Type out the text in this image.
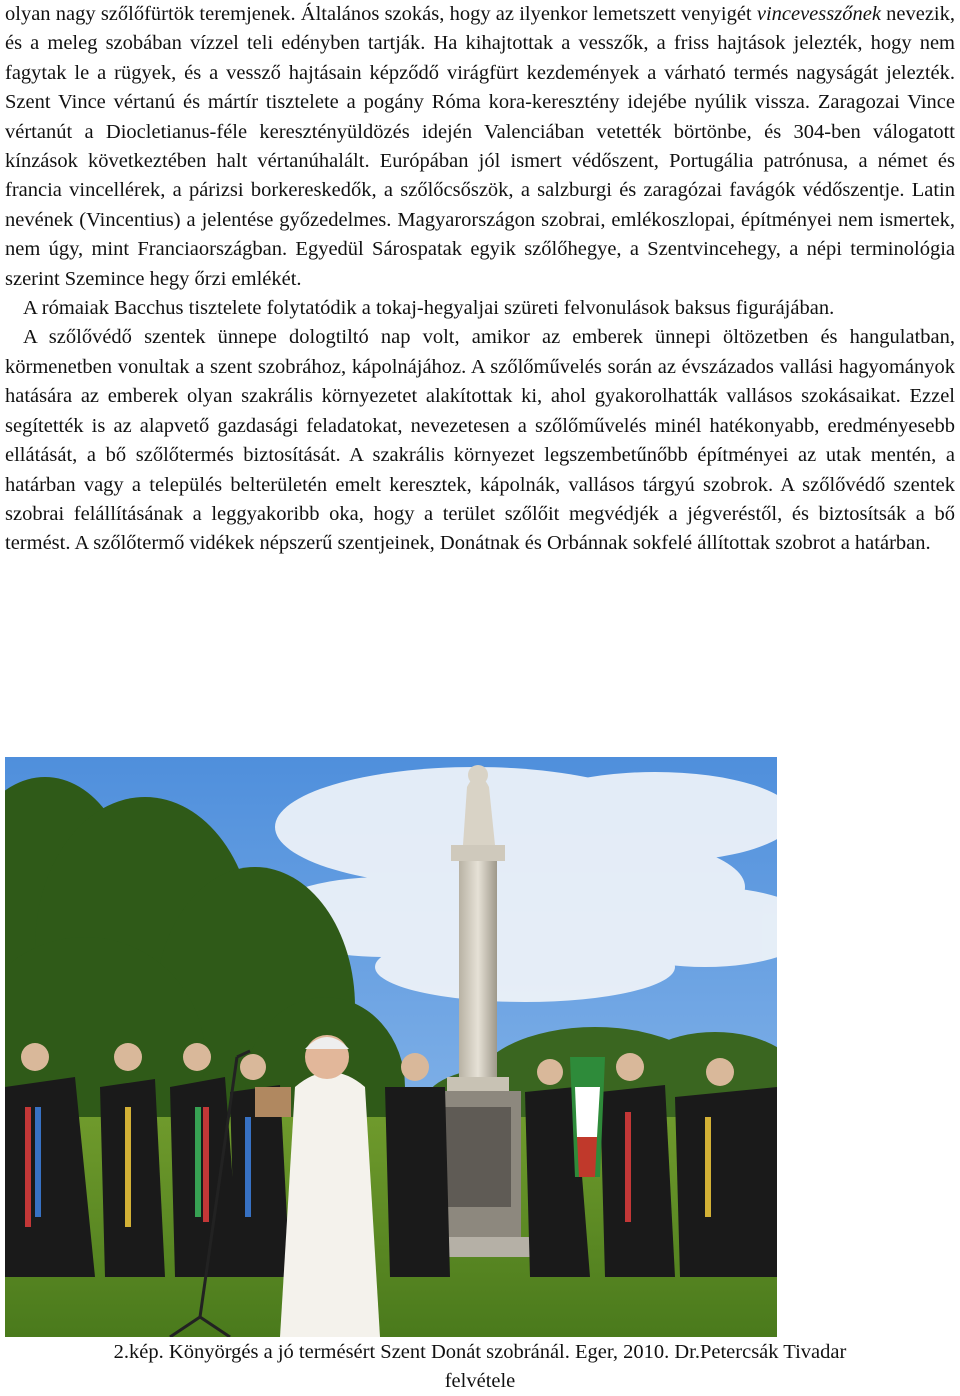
olyan nagy szőlőfürtök teremjenek. Általános szokás, hogy az ilyenkor lemetszett venyigét vincevesszőnek nevezik, és a meleg szobában vízzel teli edényben tartják. Ha kihajtottak a vesszők, a friss hajtások jelezték, hogy nem fagytak le a rügyek, és a vessző hajtásain képződő virágfürt kezdemények a várható termés nagyságát jelezték. Szent Vince vértanú és mártír tisztelete a pogány Róma kora-keresztény idejébe nyúlik vissza. Zaragozai Vince vértanút a Diocletianus-féle keresztényüldözés idején Valenciában vetették börtönbe, és 304-ben válogatott kínzások következtében halt vértanúhalált. Európában jól ismert védőszent, Portugália patrónusa, a német és francia vincellérek, a párizsi borkereskedők, a szőlőcsőszök, a salzburgi és zaragózai favágók védőszentje. Latin nevének (Vincentius) a jelentése győzedelmes. Magyarországon szobrai, emlékoszlopai, építményei nem ismertek, nem úgy, mint Franciaországban. Egyedül Sárospatak egyik szőlőhegye, a Szentvincehegy, a népi terminológia szerint Szemince hegy őrzi emlékét.

A rómaiak Bacchus tisztelete folytatódik a tokaj-hegyaljai szüreti felvonulások baksus figurájában.

A szőlővédő szentek ünnepe dologtiltó nap volt, amikor az emberek ünnepi öltözetben és hangulatban, körmenetben vonultak a szent szobrához, kápolnájához. A szőlőművelés során az évszázados vallási hagyományok hatására az emberek olyan szakrális környezetet alakítottak ki, ahol gyakorolhatták vallásos szokásaikat. Ezzel segítették is az alapvető gazdasági feladatokat, nevezetesen a szőlőművelés minél hatékonyabb, eredményesebb ellátását, a bő szőlőtermés biztosítását. A szakrális környezet legszembetűnőbb építményei az utak mentén, a határban vagy a település belterületén emelt keresztek, kápolnák, vallásos tárgyú szobrok. A szőlővédő szentek szobrai felállításának a leggyakoribb oka, hogy a terület szőlőit megvédjék a jégveréstől, és biztosítsák a bő termést. A szőlőtermő vidékek népszerű szentjeinek, Donátnak és Orbánnak sokfelé állítottak szobrot a határban.

2.kép. Könyörgés a jó termésért Szent Donát szobránál. Eger, 2010. Dr.Petercsák Tivadar
felvétele
